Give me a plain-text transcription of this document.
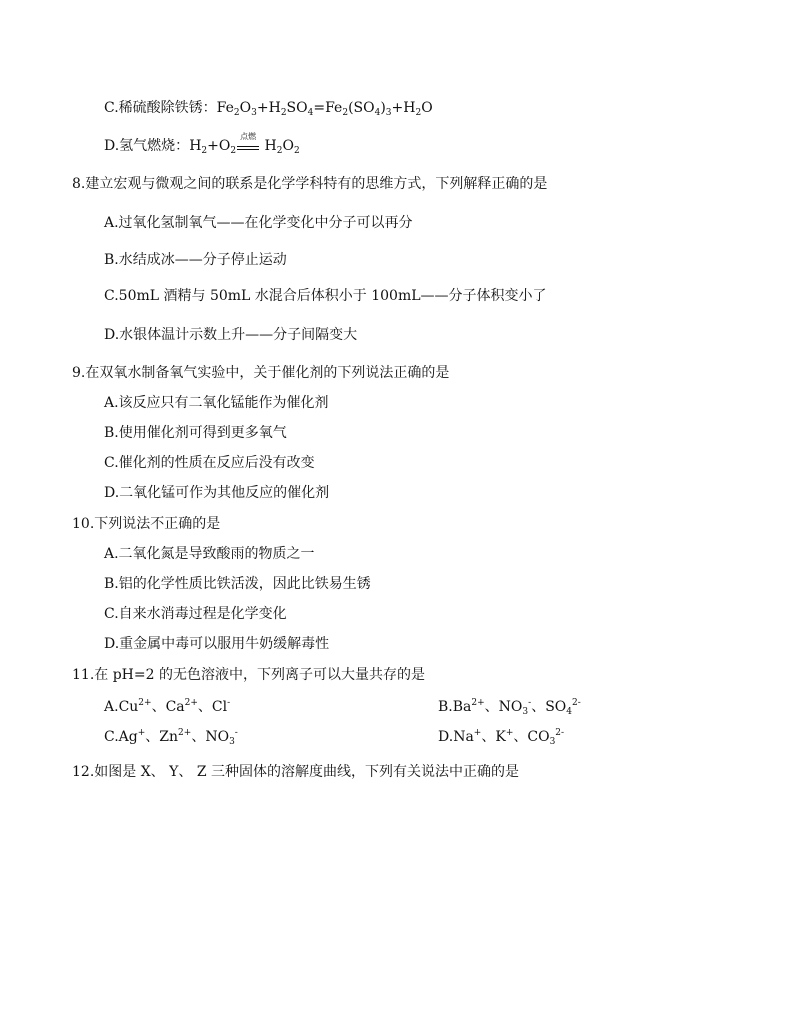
C.稀硫酸除铁锈：$Fe_2O_3+H_2SO_4=Fe_2(SO_4)_3+H_2O$
D.氢气燃烧：$H_2+O_2$
点燃
$H_2O_2$
8.建立宏观与微观之间的联系是化学学科特有的思维方式，下列解释正确的是
A.过氧化氢制氧气——在化学变化中分子可以再分
B.水结成冰——分子停止运动
C.50mL 酒精与 50mL 水混合后体积小于 100mL——分子体积变小了
D.水银体温计示数上升——分子间隔变大
9.在双氧水制备氧气实验中，关于催化剂的下列说法正确的是
A.该反应只有二氧化锰能作为催化剂
B.使用催化剂可得到更多氧气
C.催化剂的性质在反应后没有改变
D.二氧化锰可作为其他反应的催化剂
10.下列说法不正确的是
A.二氧化氮是导致酸雨的物质之一
B.铝的化学性质比铁活泼，因此比铁易生锈
C.自来水消毒过程是化学变化
D.重金属中毒可以服用牛奶缓解毒性
11.在 pH=2 的无色溶液中，下列离子可以大量共存的是
$A.Cu^{2+}$、$Ca^{2+}$、Cl-	$B.Ba^{2+}$、$NO_3^-$、$SO_4^{2-}$
C.Ag+、$Zn^{2+}$、$NO_3^-$	D.Na+、K+、$CO_3^{2-}$
12.如图是 X、 Y、 Z 三种固体的溶解度曲线，下列有关说法中正确的是
